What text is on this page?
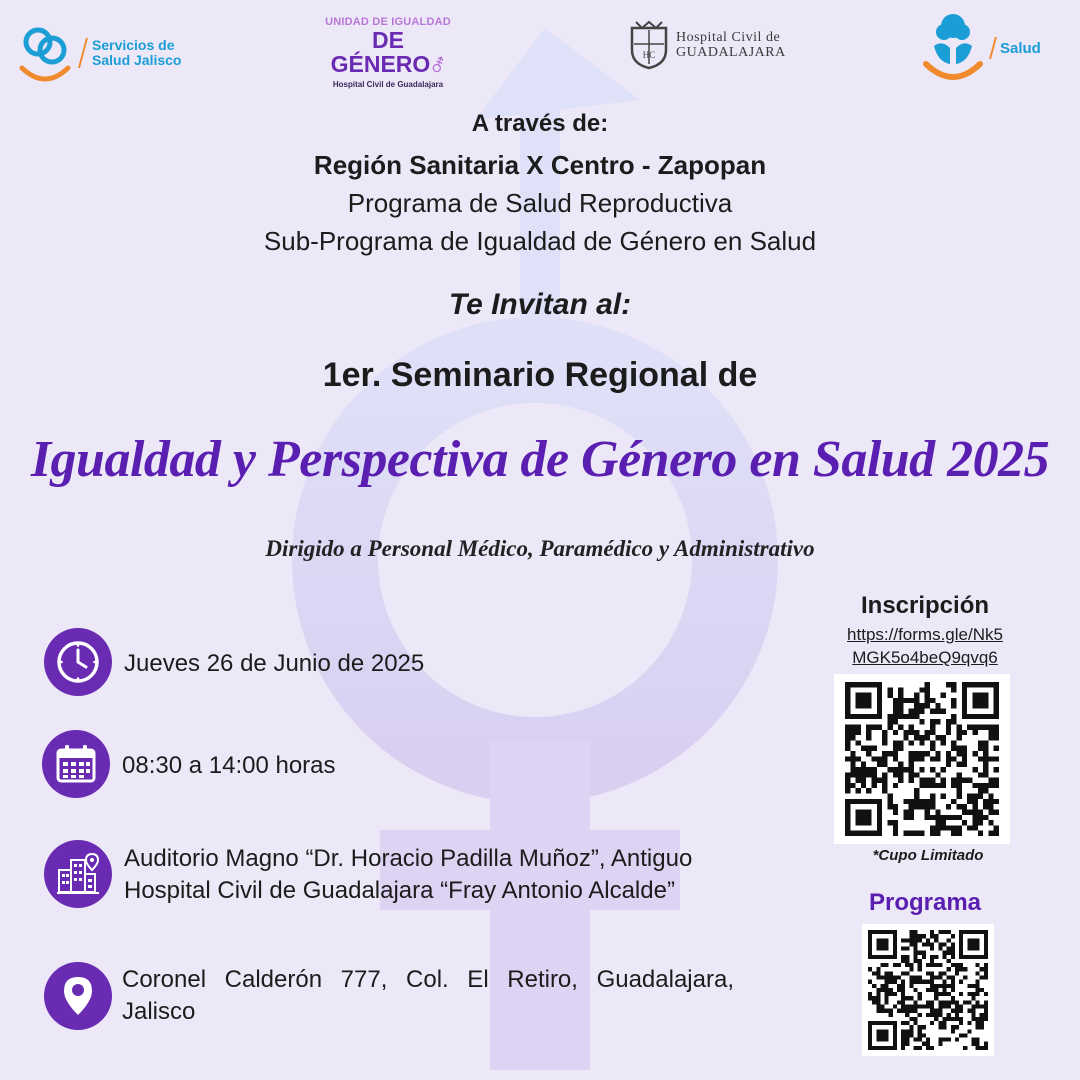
Servicios de
Salud Jalisco
UNIDAD DE IGUALDAD
DE GÉNERO⚦
Hospital Civil de Guadalajara
HC
Hospital Civil de
GUADALAJARA	Salud
A través de:
Región Sanitaria X Centro - Zapopan
Programa de Salud Reproductiva
Sub-Programa de Igualdad de Género en Salud
Te Invitan al:
1er. Seminario Regional de
Igualdad y Perspectiva de Género en Salud 2025
Dirigido a Personal Médico, Paramédico y Administrativo
Jueves 26 de Junio de 2025
08:30 a 14:00 horas
Auditorio Magno “Dr. Horacio Padilla Muñoz”, Antiguo
Hospital Civil de Guadalajara “Fray Antonio Alcalde”
Coronel Calderón 777, Col. El Retiro, Guadalajara,
Jalisco
Inscripción
https://forms.gle/Nk5
MGK5o4beQ9qvq6
*Cupo Limitado
Programa
